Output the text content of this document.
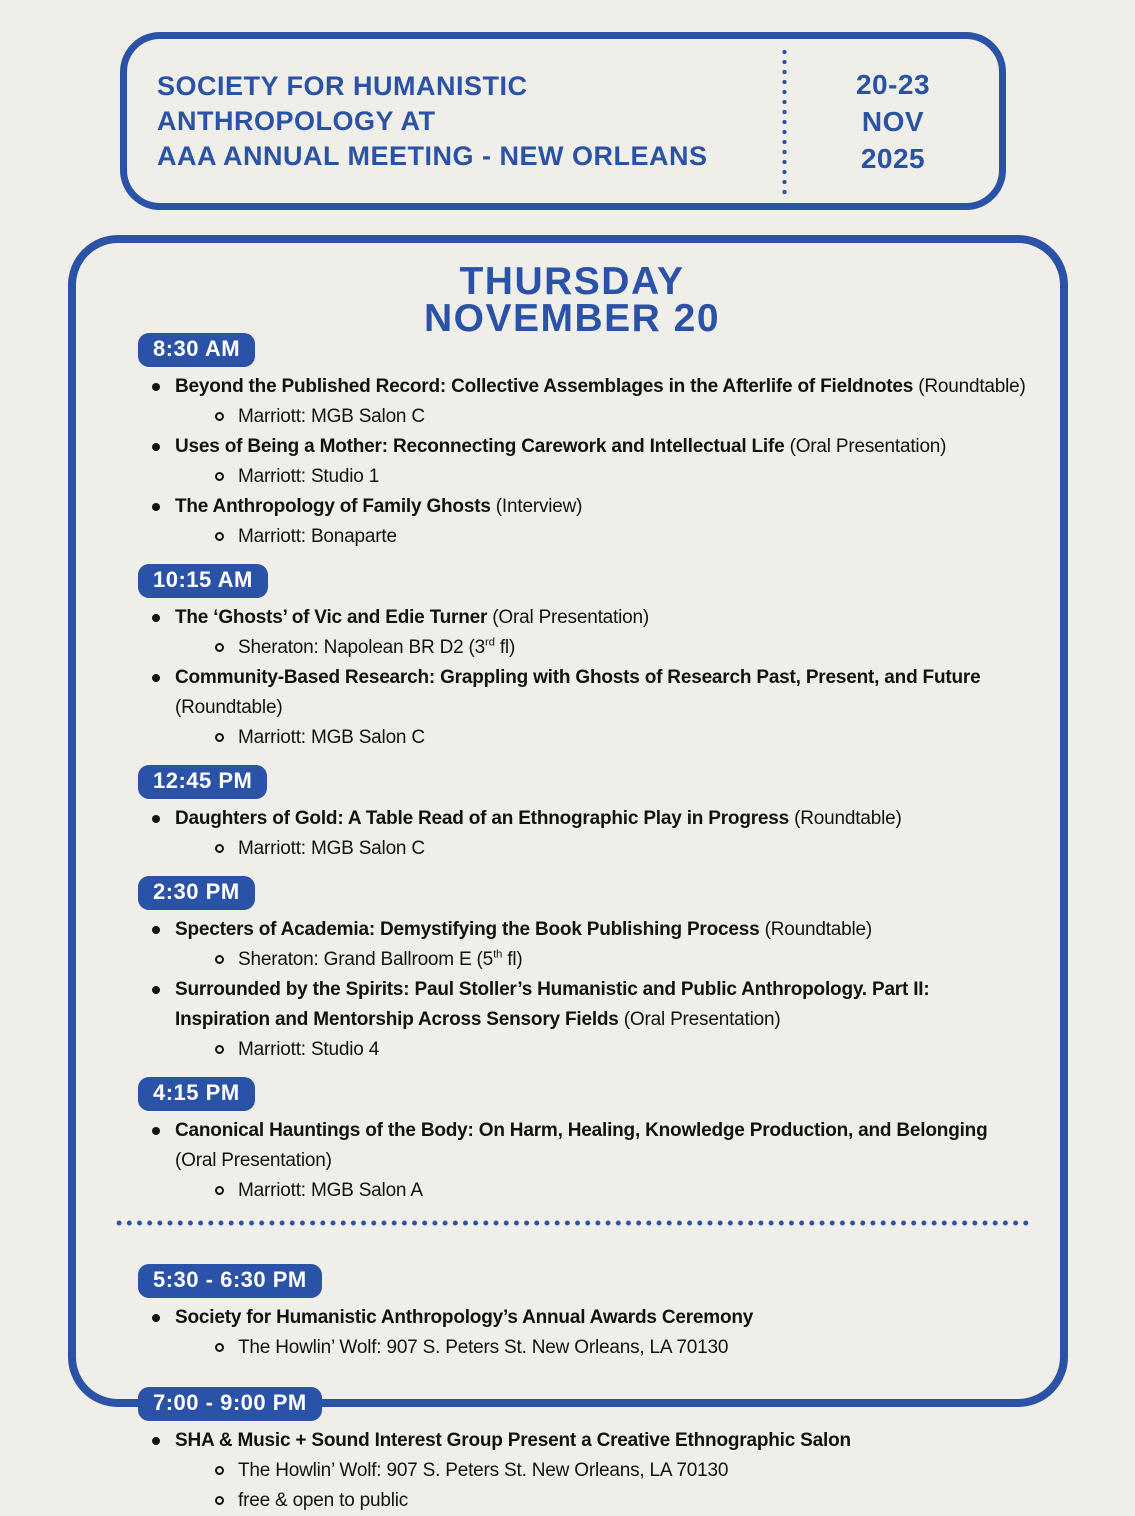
SOCIETY FOR HUMANISTIC
ANTHROPOLOGY AT
AAA ANNUAL MEETING - NEW ORLEANS
20-23
NOV
2025
THURSDAY
NOVEMBER 20
8:30 AM
Beyond the Published Record: Collective Assemblages in the Afterlife of Fieldnotes (Roundtable)
Marriott: MGB Salon C
Uses of Being a Mother: Reconnecting Carework and Intellectual Life (Oral Presentation)
Marriott: Studio 1
The Anthropology of Family Ghosts (Interview)
Marriott: Bonaparte
10:15 AM
The ‘Ghosts’ of Vic and Edie Turner (Oral Presentation)
Sheraton: Napolean BR D2 (3rd fl)
Community-Based Research: Grappling with Ghosts of Research Past, Present, and Future (Roundtable)
Marriott: MGB Salon C
12:45 PM
Daughters of Gold: A Table Read of an Ethnographic Play in Progress (Roundtable)
Marriott: MGB Salon C
2:30 PM
Specters of Academia: Demystifying the Book Publishing Process (Roundtable)
Sheraton: Grand Ballroom E (5th fl)
Surrounded by the Spirits: Paul Stoller’s Humanistic and Public Anthropology. Part II: Inspiration and Mentorship Across Sensory Fields (Oral Presentation)
Marriott: Studio 4
4:15 PM
Canonical Hauntings of the Body: On Harm, Healing, Knowledge Production, and Belonging (Oral Presentation)
Marriott: MGB Salon A
5:30 - 6:30 PM
Society for Humanistic Anthropology’s Annual Awards Ceremony
The Howlin’ Wolf: 907 S. Peters St. New Orleans, LA 70130
7:00 - 9:00 PM
SHA & Music + Sound Interest Group Present a Creative Ethnographic Salon
The Howlin’ Wolf: 907 S. Peters St. New Orleans, LA 70130
free & open to public
